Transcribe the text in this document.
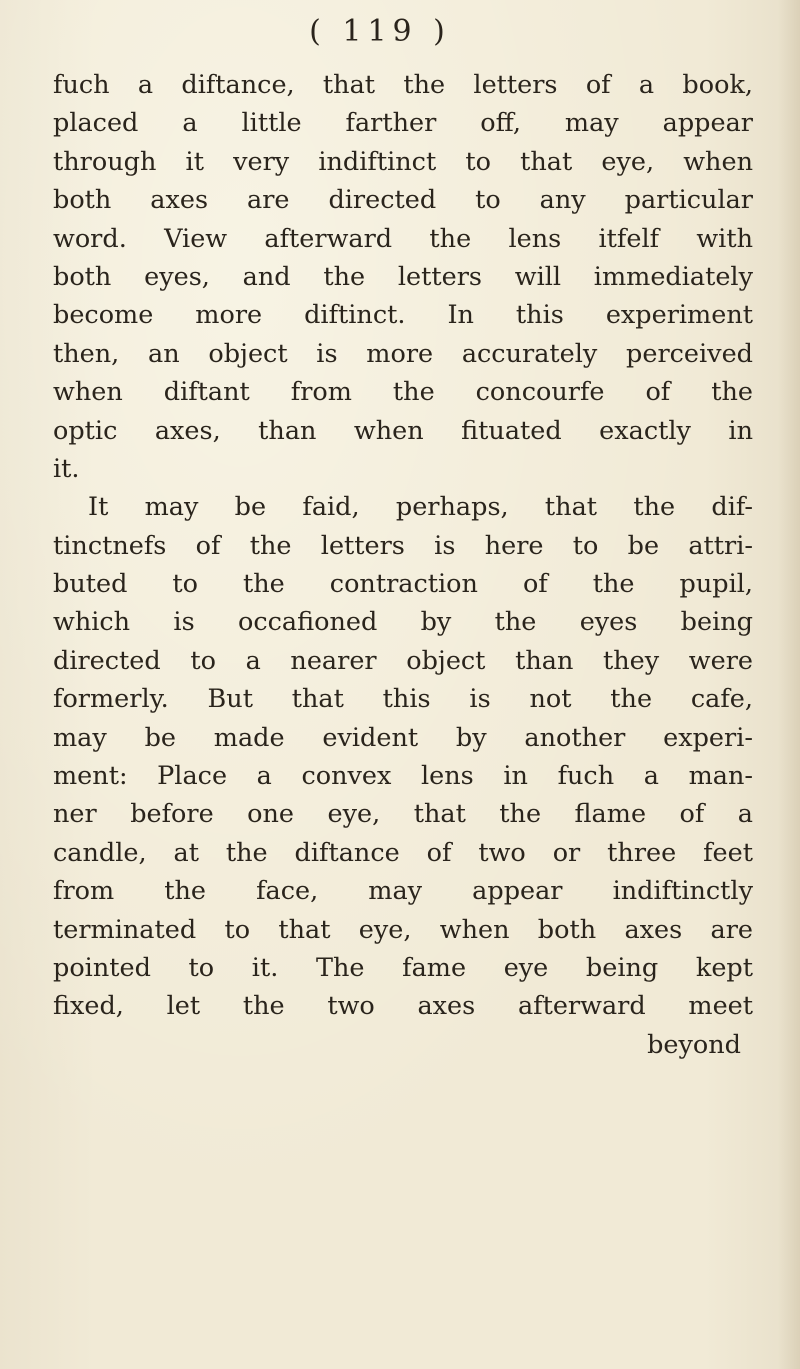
( 119 )
fuch a diftance, that the letters of a book,
placed a little farther off, may appear
through it very indiftinct to that eye, when
both axes are directed to any particular
word. View afterward the lens itfelf with
both eyes, and the letters will immediately
become more diftinct. In this experiment
then, an object is more accurately perceived
when diftant from the concourfe of the
optic axes, than when fituated exactly in
it.
It may be faid, perhaps, that the dif-
tinctnefs of the letters is here to be attri-
buted to the contraction of the pupil,
which is occafioned by the eyes being
directed to a nearer object than they were
formerly. But that this is not the cafe,
may be made evident by another experi-
ment: Place a convex lens in fuch a man-
ner before one eye, that the flame of a
candle, at the diftance of two or three feet
from the face, may appear indiftinctly
terminated to that eye, when both axes are
pointed to it. The fame eye being kept
fixed, let the two axes afterward meet
beyond
